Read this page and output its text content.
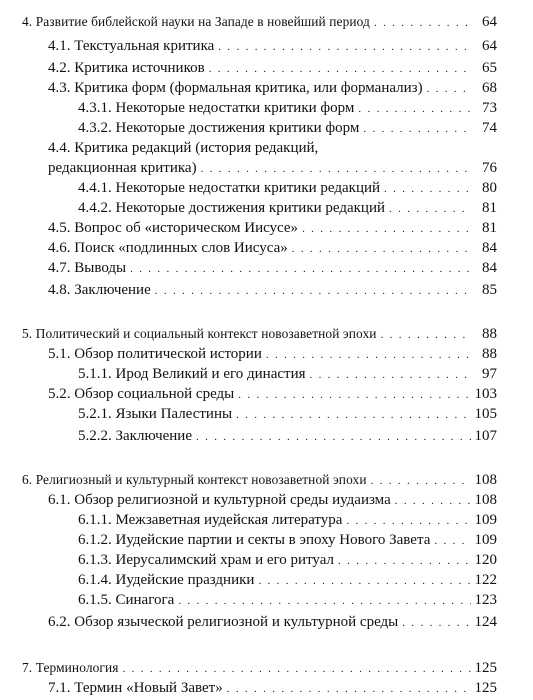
4. Развитие библейской науки на Западе в новейший период . . .	64
4.1. Текстуальная критика . . .	64
4.2. Критика источников . . .	65
4.3. Критика форм (формальная критика, или форманализ) . . .	68
4.3.1. Некоторые недостатки критики форм . . .	73
4.3.2. Некоторые достижения критики форм . . .	74
4.4. Критика редакций (история редакций,
редакционная критика) . . .	76
4.4.1. Некоторые недостатки критики редакций . . .	80
4.4.2. Некоторые достижения критики редакций . . .	81
4.5. Вопрос об «историческом Иисусе» . . .	81
4.6. Поиск «подлинных слов Иисуса» . . .	84
4.7. Выводы . . .	84
4.8. Заключение . . .	85
5. Политический и социальный контекст новозаветной эпохи . . .	88
5.1. Обзор политической истории . . .	88
5.1.1. Ирод Великий и его династия . . .	97
5.2. Обзор социальной среды . . .	103
5.2.1. Языки Палестины . . .	105
5.2.2. Заключение . . .	107
6. Религиозный и культурный контекст новозаветной эпохи . . .	108
6.1. Обзор религиозной и культурной среды иудаизма . . .	108
6.1.1. Межзаветная иудейская литература . . .	109
6.1.2. Иудейские партии и секты в эпоху Нового Завета . . .	109
6.1.3. Иерусалимский храм и его ритуал . . .	120
6.1.4. Иудейские праздники . . .	122
6.1.5. Синагога . . .	123
6.2. Обзор языческой религиозной и культурной среды . . .	124
7. Терминология . . .	125
7.1. Термин «Новый Завет» . . .	125
